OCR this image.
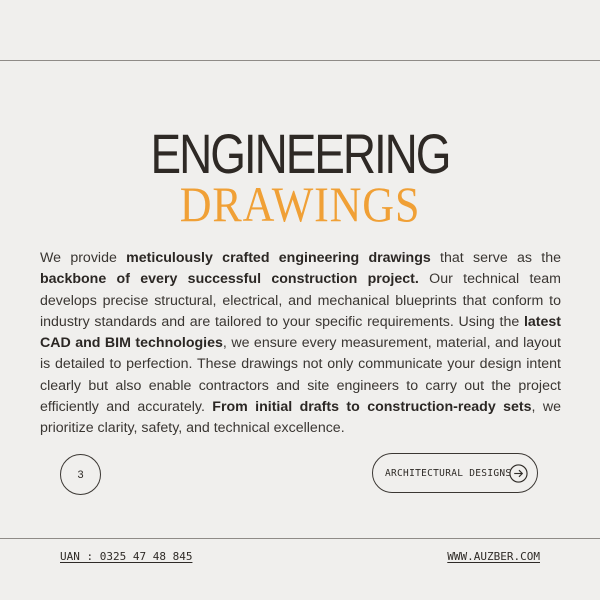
ENGINEERING
DRAWINGS

We provide meticulously crafted engineering drawings that serve as the backbone of every successful construction project. Our technical team develops precise structural, electrical, and mechanical blueprints that conform to industry standards and are tailored to your specific requirements. Using the latest CAD and BIM technologies, we ensure every measurement, material, and layout is detailed to perfection. These drawings not only communicate your design intent clearly but also enable contractors and site engineers to carry out the project efficiently and accurately. From initial drafts to construction-ready sets, we prioritize clarity, safety, and technical excellence.

3	ARCHITECTURAL DESIGNS
UAN : 0325 47 48 845	WWW.AUZBER.COM
